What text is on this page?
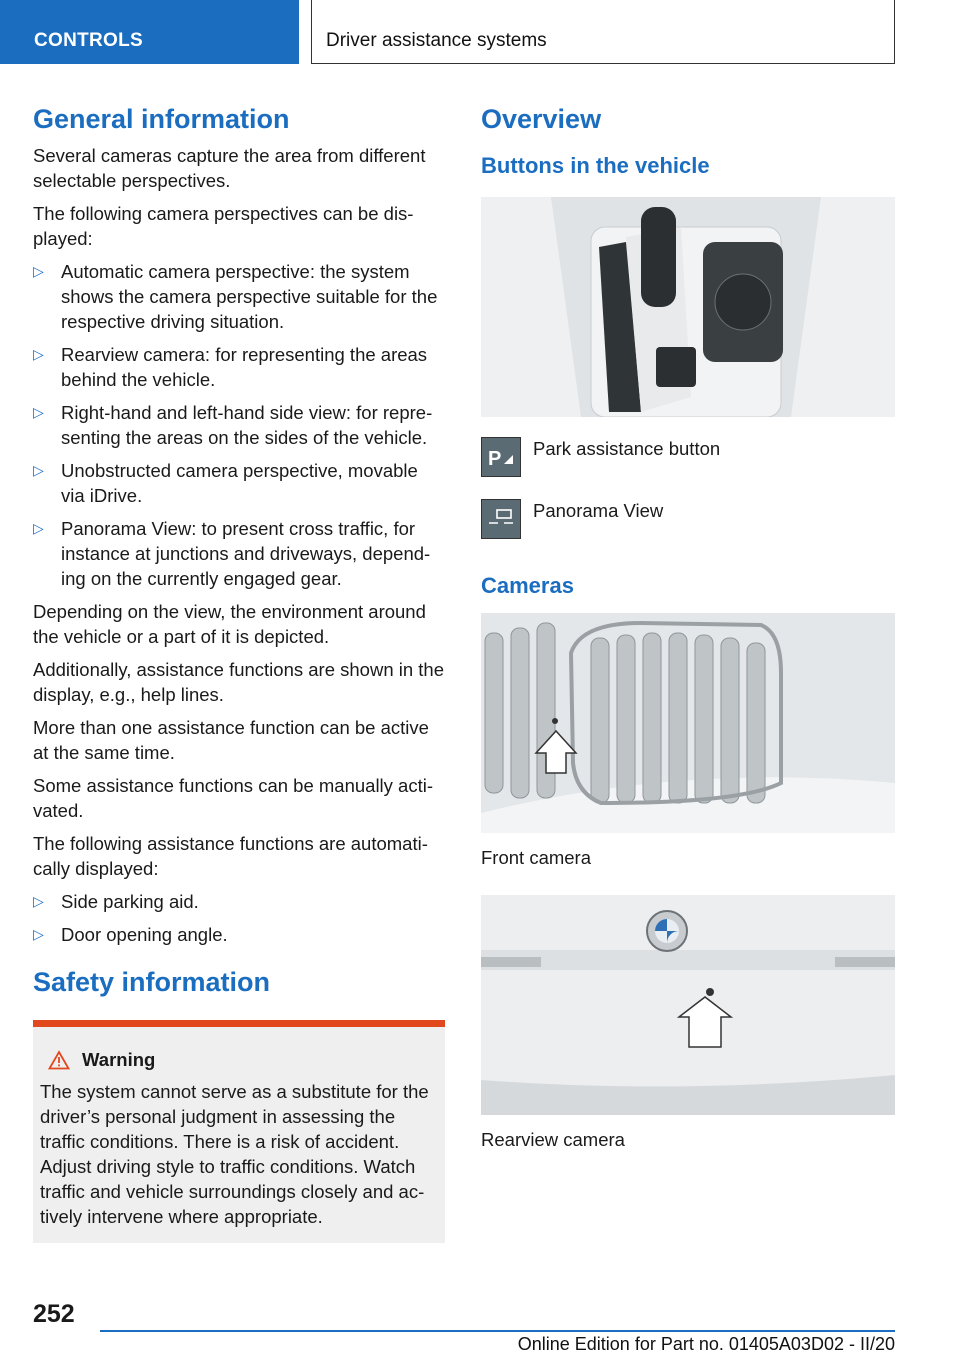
CONTROLS	Driver assistance systems
General information

Several cameras capture the area from different selectable perspectives.

The following camera perspectives can be dis‐played:

▷ Automatic camera perspective: the system shows the camera perspective suitable for the respective driving situation.
▷ Rearview camera: for representing the areas behind the vehicle.
▷ Right-hand and left-hand side view: for repre‐senting the areas on the sides of the vehicle.
▷ Unobstructed camera perspective, movable via iDrive.
▷ Panorama View: to present cross traffic, for instance at junctions and driveways, depend‐ing on the currently engaged gear.

Depending on the view, the environment around the vehicle or a part of it is depicted.

Additionally, assistance functions are shown in the display, e.g., help lines.

More than one assistance function can be active at the same time.

Some assistance functions can be manually acti‐vated.

The following assistance functions are automati‐cally displayed:

▷ Side parking aid.
▷ Door opening angle.
Safety information
Warning

The system cannot serve as a substitute for the driver’s personal judgment in assessing the traffic conditions. There is a risk of accident. Adjust driving style to traffic conditions. Watch traffic and vehicle surroundings closely and ac‐tively intervene where appropriate.

Overview
Buttons in the vehicle
P Park assistance button
Panorama View
Cameras
Front camera
Rearview camera
252
Online Edition for Part no. 01405A03D02 - II/20
